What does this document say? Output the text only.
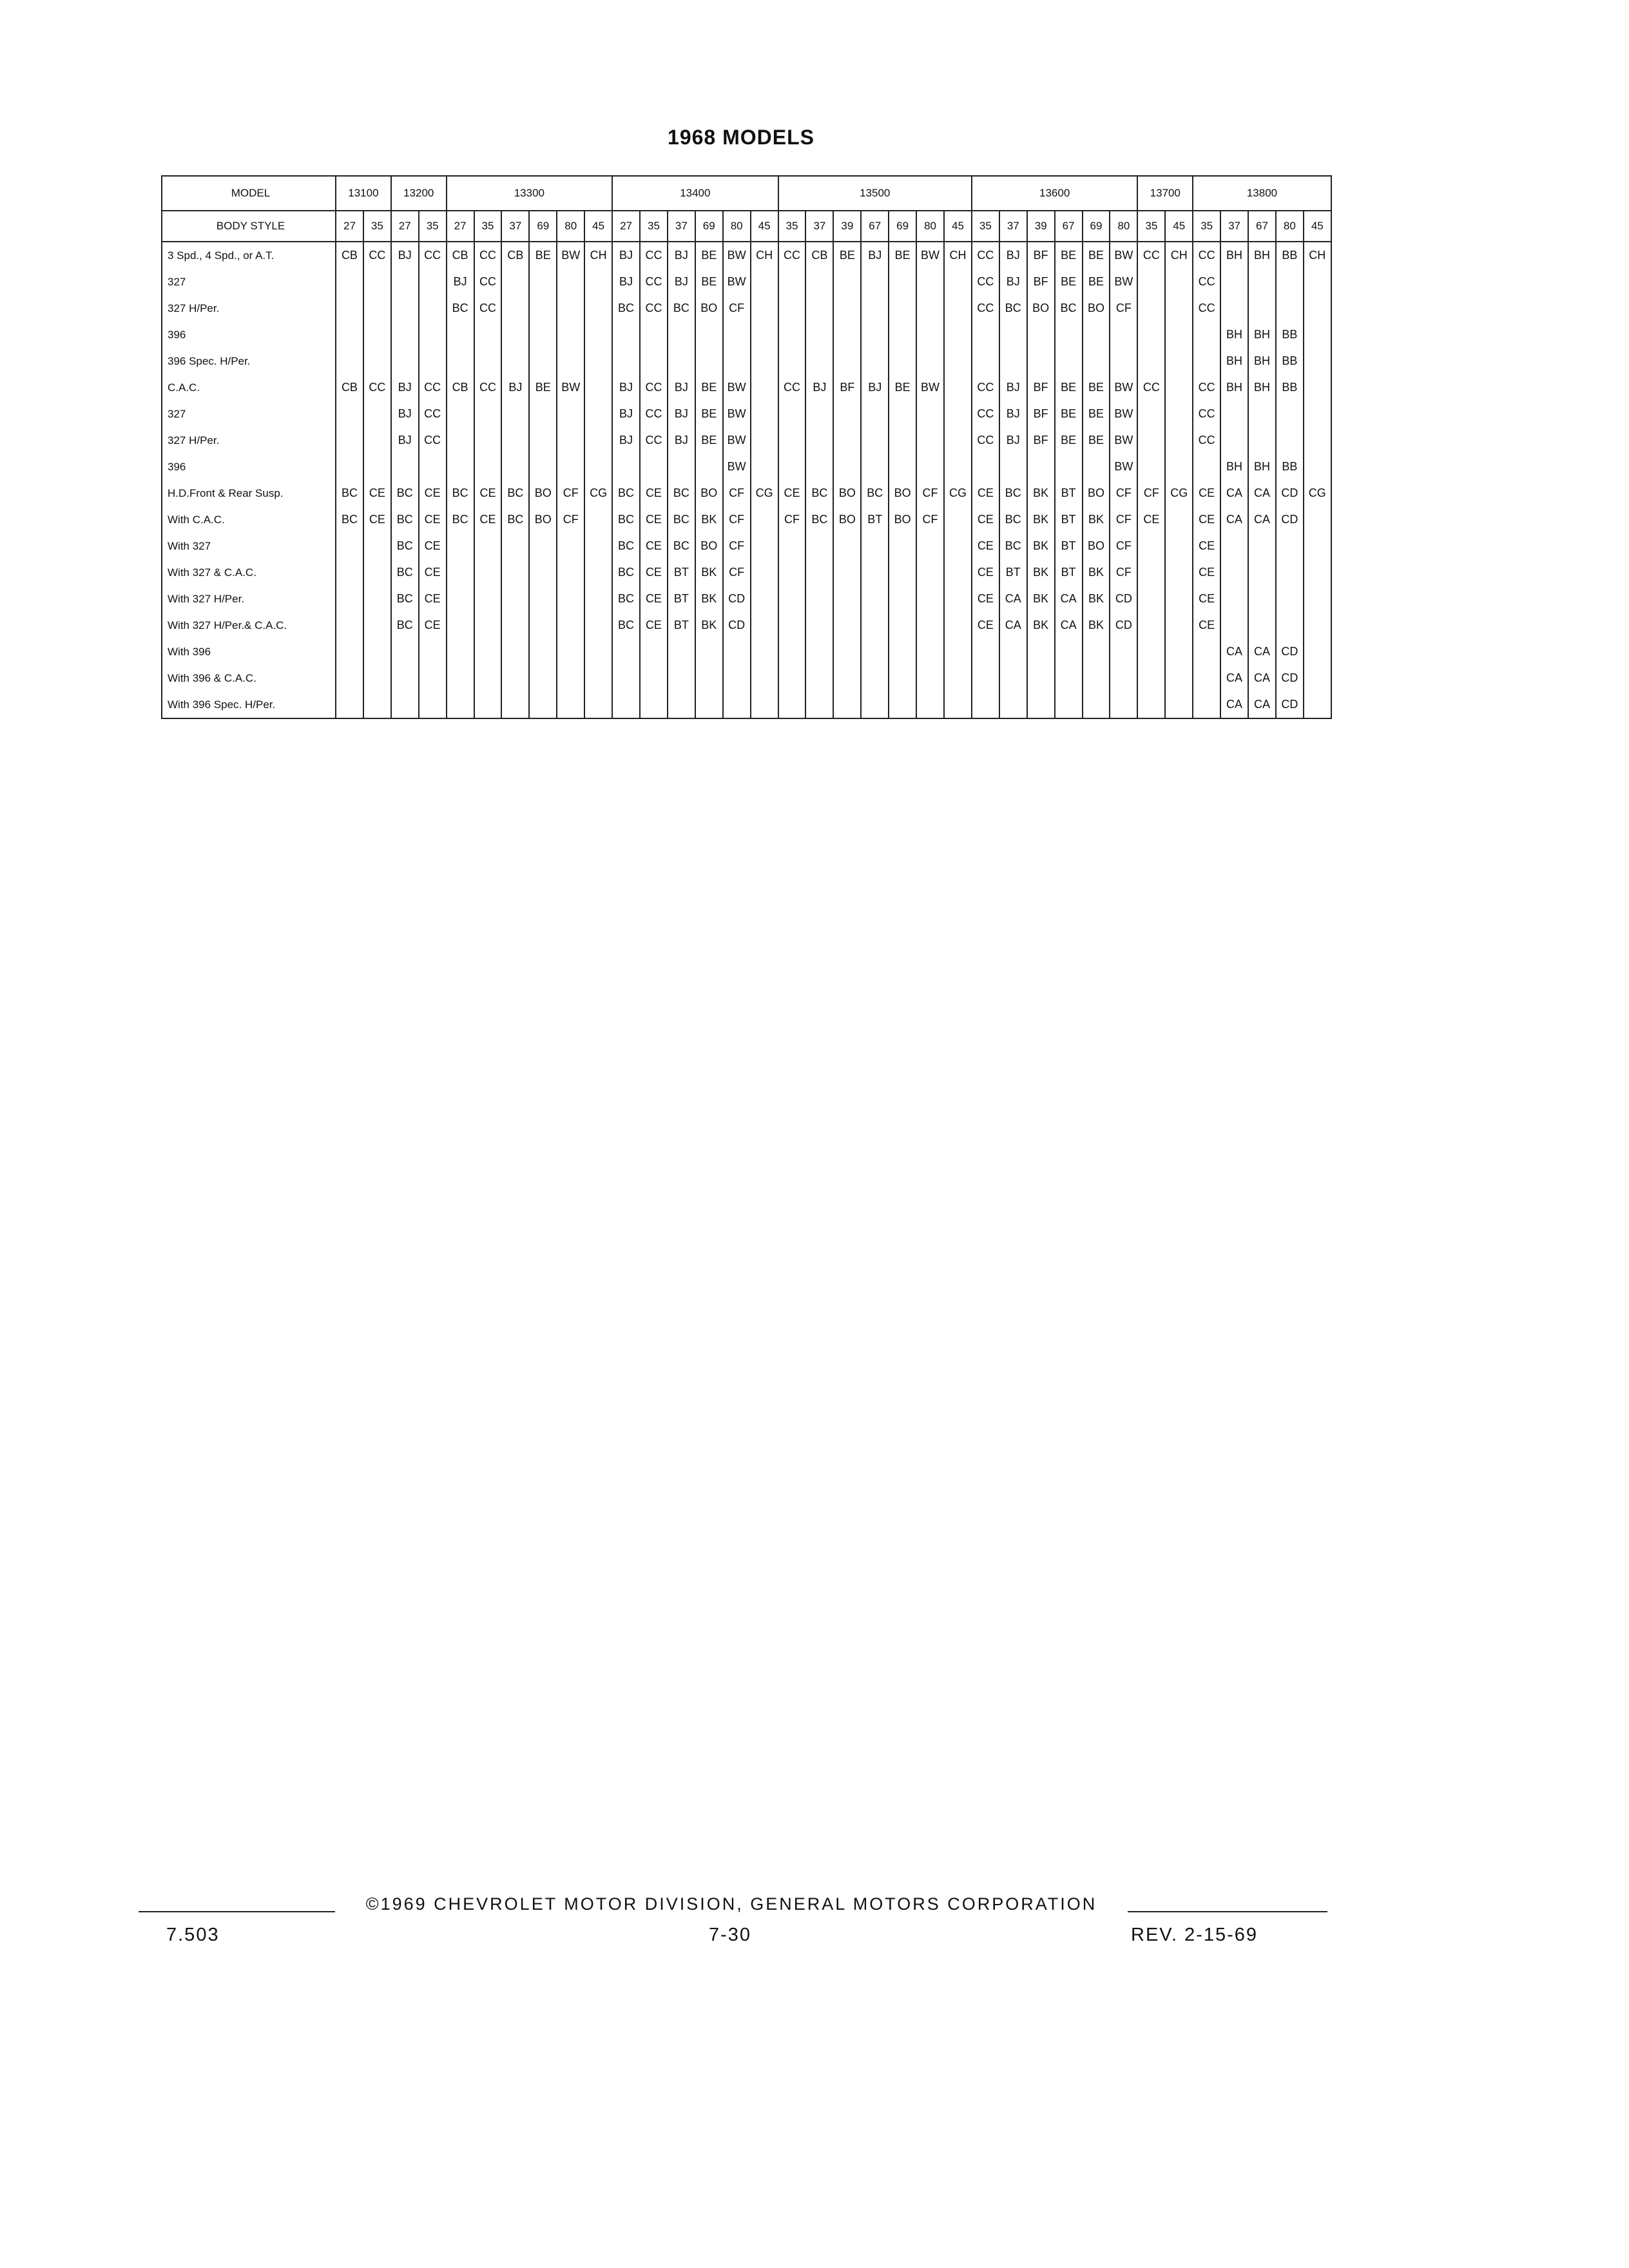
1968 MODELS
MODEL	13100		13200		13300						13400						13500							13600						13700		13800				
BODY STYLE	27	35	27	35	27	35	37	69	80	45	27	35	37	69	80	45	35	37	39	67	69	80	45	35	37	39	67	69	80	35	45	35	37	67	80	45
3 Spd., 4 Spd., or A.T.	CB	CC	BJ	CC	CB	CC	CB	BE	BW	CH	BJ	CC	BJ	BE	BW	CH	CC	CB	BE	BJ	BE	BW	CH	CC	BJ	BF	BE	BE	BW	CC	CH	CC	BH	BH	BB	CH
327					BJ	CC					BJ	CC	BJ	BE	BW									CC	BJ	BF	BE	BE	BW			CC				
327 H/Per.					BC	CC					BC	CC	BC	BO	CF									CC	BC	BO	BC	BO	CF			CC				
396																																	BH	BH	BB	
396 Spec. H/Per.																																	BH	BH	BB	
C.A.C.	CB	CC	BJ	CC	CB	CC	BJ	BE	BW		BJ	CC	BJ	BE	BW		CC	BJ	BF	BJ	BE	BW		CC	BJ	BF	BE	BE	BW	CC		CC	BH	BH	BB	
327			BJ	CC							BJ	CC	BJ	BE	BW									CC	BJ	BF	BE	BE	BW			CC				
327 H/Per.			BJ	CC							BJ	CC	BJ	BE	BW									CC	BJ	BF	BE	BE	BW			CC				
396															BW														BW				BH	BH	BB	
H.D.Front & Rear Susp.	BC	CE	BC	CE	BC	CE	BC	BO	CF	CG	BC	CE	BC	BO	CF	CG	CE	BC	BO	BC	BO	CF	CG	CE	BC	BK	BT	BO	CF	CF	CG	CE	CA	CA	CD	CG
With C.A.C.	BC	CE	BC	CE	BC	CE	BC	BO	CF		BC	CE	BC	BK	CF		CF	BC	BO	BT	BO	CF		CE	BC	BK	BT	BK	CF	CE		CE	CA	CA	CD	
With 327			BC	CE							BC	CE	BC	BO	CF									CE	BC	BK	BT	BO	CF			CE				
With 327 & C.A.C.			BC	CE							BC	CE	BT	BK	CF									CE	BT	BK	BT	BK	CF			CE				
With 327 H/Per.			BC	CE							BC	CE	BT	BK	CD									CE	CA	BK	CA	BK	CD			CE				
With 327 H/Per.& C.A.C.			BC	CE							BC	CE	BT	BK	CD									CE	CA	BK	CA	BK	CD			CE				
With 396																																	CA	CA	CD	
With 396 & C.A.C.																																	CA	CA	CD	
With 396 Spec. H/Per.																																	CA	CA	CD	
©1969 CHEVROLET MOTOR DIVISION, GENERAL MOTORS CORPORATION
7.503	7-30	REV. 2-15-69
